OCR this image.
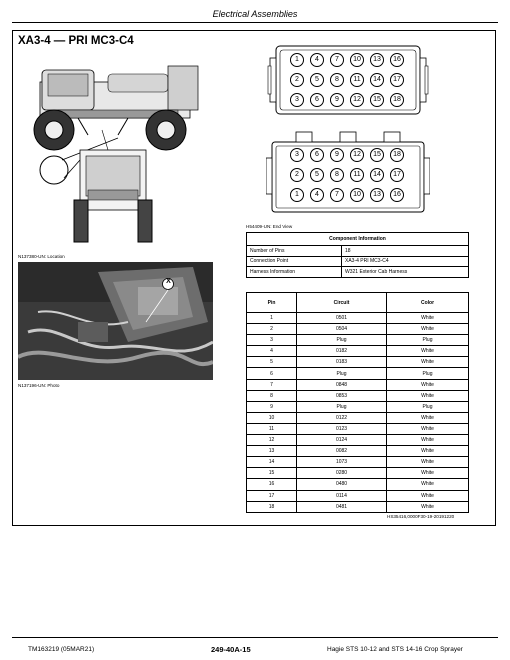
Electrical Assemblies
XA3-4 — PRI MC3-C4
N137380-UN: Location
X
N137196-UN: Photo
1	4	7	10	13	16
2	5	8	11	14	17
3	6	9	12	15	18
3	6	9	12	15	18
2	5	8	11	14	17
1	4	7	10	13	16
H54409-UN: End View
Component Information	
Number of Pins	18
Connection Point	XA3-4 PRI MC3-C4
Harness Information	W321 Exterior Cab Harness
Pin	Circuit	Color
1	0501	White
2	0504	White
3	Plug	Plug
4	0182	White
5	0183	White
6	Plug	Plug
7	0848	White
8	0853	White
9	Plug	Plug
10	0122	White
11	0123	White
12	0124	White
13	0082	White
14	1073	White
15	0280	White
16	0480	White
17	0114	White
18	0481	White
HS35416,0000F30-19-20191220
TM163219 (05MAR21)	249-40A-15	Hagie STS 10-12 and STS 14-16 Crop Sprayer
